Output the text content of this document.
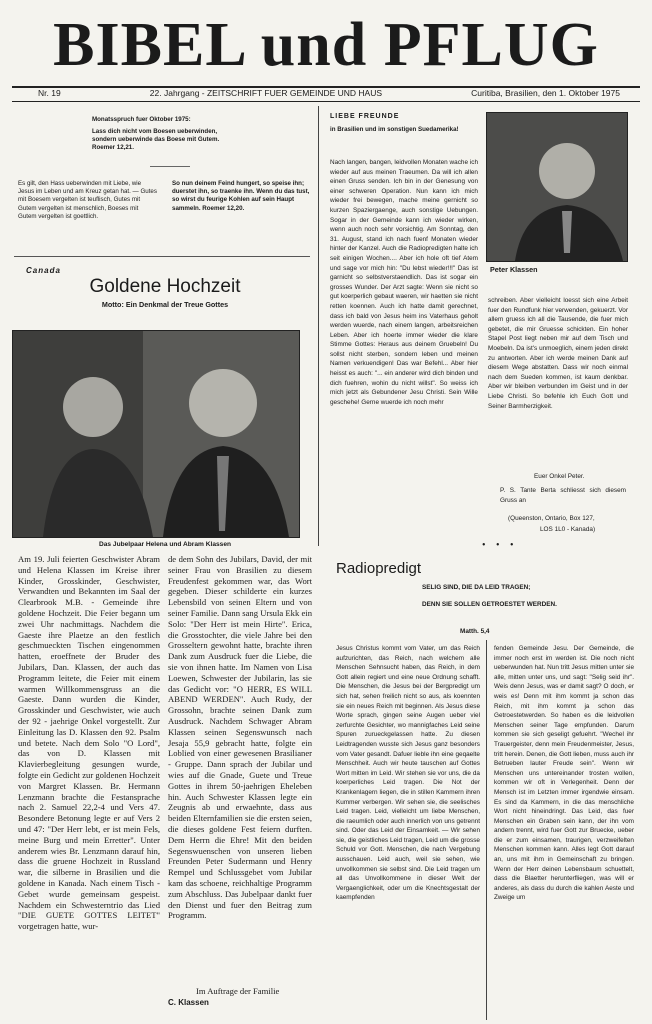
BIBEL und PFLUG
Nr. 19	22. Jahrgang - ZEITSCHRIFT FUER GEMEINDE UND HAUS	Curitiba, Brasilien, den 1. Oktober 1975
Monatsspruch fuer Oktober 1975:
Lass dich nicht vom Boesen ueberwinden, sondern ueberwinde das Boese mit Gutem. Roemer 12,21.
Es gilt, den Hass ueberwinden mit Liebe, wie Jesus im Leben und am Kreuz getan hat. — Gutes mit Boesem vergelten ist teuflisch, Gutes mit Gutem vergelten ist menschlich, Boeses mit Gutem vergelten ist goettlich.
So nun deinem Feind hungert, so speise ihn; duerstet ihn, so traenke ihn. Wenn du das tust, so wirst du feurige Kohlen auf sein Haupt sammeln. Roemer 12,20.
Canada
Goldene Hochzeit
Motto: Ein Denkmal der Treue Gottes
Das Jubelpaar Helena und Abram Klassen
Am 19. Juli feierten Geschwister Abram und Helena Klassen im Kreise ihrer Kinder, Grosskinder, Geschwister, Verwandten und Bekannten im Saal der Clearbrook M.B. - Gemeinde ihre goldene Hochzeit. Die Feier begann um zwei Uhr nachmittags. Nachdem die Gaeste ihre Plaetze an den festlich geschmueckten Tischen eingenommen hatten, eroeffnete der Bruder des Jubilars, Dan. Klassen, der auch das Programm leitete, die Feier mit einem warmen Willkommensgruss an die Gaeste. Dann wurden die Kinder, Grosskinder und Geschwister, wie auch der 92 - jaehrige Onkel vorgestellt. Zur Einleitung las D. Klassen den 92. Psalm und betete. Nach dem Solo "O Lord", das von D. Klassen mit Klavierbegleitung gesungen wurde, folgte ein Gedicht zur goldenen Hochzeit von Margret Klassen. Br. Hermann Lenzmann brachte die Festansprache nach 2. Samuel 22,2-4 und Vers 47. Besondere Betonung legte er auf Vers 2 und 47: "Der Herr lebt, er ist mein Fels, meine Burg und mein Erretter". Unter anderem wies Br. Lenzmann darauf hin, dass die gruene Hochzeit in Russland war, die silberne in Brasilien und die goldene in Kanada. Nach einem Tisch - Gebet wurde gemeinsam gespeist. Nachdem ein Schwesterntrio das Lied "DIE GUETE GOTTES LEITET" vorgetragen hatte, wur-
de dem Sohn des Jubilars, David, der mit seiner Frau von Brasilien zu diesem Freudenfest gekommen war, das Wort gegeben. Dieser schilderte ein kurzes Lebensbild von seinen Eltern und von seiner Familie. Dann sang Ursula Ekk ein Solo: "Der Herr ist mein Hirte". Erica, die Grosstochter, die viele Jahre bei den Grosseltern gewohnt hatte, brachte ihren Dank zum Ausdruck fuer die Liebe, die sie von ihnen hatte. Im Namen von Lisa Loewen, Schwester der Jubilarin, las sie das Gedicht vor: "O HERR, ES WILL ABEND WERDEN". Auch Rudy, der Grossohn, brachte seinen Dank zum Ausdruck. Nachdem Schwager Abram Klassen seinen Segenswunsch nach Jesaja 55,9 gebracht hatte, folgte ein Loblied von einer gewesenen Brasilianer - Gruppe. Dann sprach der Jubilar und wies auf die Gnade, Guete und Treue Gottes in ihrem 50-jaehrigen Eheleben hin. Auch Schwester Klassen legte ein Zeugnis ab und erwaehnte, dass aus beiden Elternfamilien sie die ersten seien, die dieses goldene Fest feiern durften. Dem Herrn die Ehre! Mit den beiden Segenswuenschen von unseren lieben Freunden Peter Sudermann und Henry Rempel und Schlussgebet vom Jubilar kam das schoene, reichhaltige Programm zum Abschluss. Das Jubelpaar dankt fuer den Dienst und fuer den Beitrag zum Programm.
Im Auftrage der Familie
C. Klassen
LIEBE FREUNDE
in Brasilien und im sonstigen Suedamerika!
Nach langen, bangen, leidvollen Monaten wache ich wieder auf aus meinen Traeumen. Da will ich allen einen Gruss senden. Ich bin in der Genesung von einer schweren Operation. Nun kann ich mich wieder frei bewegen, mache meine gernicht so kurzen Spaziergaenge, auch sonstige Uebungen. Sogar in der Gemeinde kann ich wieder wirken, wenn auch noch sehr vorsichtig. Am Sonntag, den 31. August, stand ich nach fuenf Monaten wieder hinter der Kanzel. Auch die Radiopredigten halte ich seit einigen Wochen.... Aber ich hole oft tief Atem und sage vor mich hin: "Du lebst wieder!!!" Das ist garnicht so selbstverstaendlich. Das ist sogar ein grosses Wunder. Der Arzt sagte: Wenn sie nicht so gut koerperlich gebaut waeren, wir haetten sie nicht retten koennen. Auch ich hatte damit gerechnet, dass ich bald von Jesus heim ins Vaterhaus geholt werden wuerde, nach einem langen, arbeitsreichen Leben. Aber ich hoerte immer wieder die klare Stimme Gottes: Heraus aus deinem Gruebeln! Du sollst nicht sterben, sondern leben und meinen Namen verkuendigen! Das war Befehl... Aber hier heisst es auch: "... ein anderer wird dich binden und dich fuehren, wohin du nicht willst". So weiss ich mich jetzt als Gebundener Jesu Christi. Sein Wille geschehe! Gerne wuerde ich noch mehr
Peter Klassen
schreiben. Aber vielleicht loesst sich eine Arbeit fuer den Rundfunk hier verwenden, gekuerzt. Vor allem gruess ich all die Tausende, die fuer mich gebetet, die mir Gruesse schickten. Ein hoher Stapel Post liegt neben mir auf dem Tisch und Moebeln. Da ist's unmoeglich, einem jeden direkt zu antworten. Aber ich werde meinen Dank auf diesem Wege abstatten. Dass wir noch einmal nach dem Sueden kommen, ist kaum denkbar. Aber wir bleiben verbunden im Geist und in der Liebe Christi. So befehle ich Euch Gott und Seiner Barmherzigkeit.
Euer Onkel Peter.
P. S. Tante Berta schliesst sich diesem Gruss an
(Queenston, Ontario, Box 127,
LOS 1L0 - Kanada)
• • •
Radiopredigt
SELIG SIND, DIE DA LEID TRAGEN;
DENN SIE SOLLEN GETROESTET WERDEN.
Matth. 5,4
Jesus Christus kommt vom Vater, um das Reich aufzurichten, das Reich, nach welchem alle Menschen Sehnsucht haben, das Reich, in dem Gott allein regiert und eine neue Ordnung schafft. Die Menschen, die Jesus bei der Bergpredigt um sich hat, sehen freilich nicht so aus, als koennten sie ein neues Reich mit beginnen. Als Jesus diese Worte sprach, gingen seine Augen ueber viel zerfurchte Gesichter, wo mannigfaches Leid seine Spuren zurueckgelassen hatte. Zu diesen Leidtragenden wusste sich Jesus ganz besonders vom Vater gesandt. Dafuer lieble ihn eine geqaelte Menschheit. Auch wir heute tauschen auf Gottes Wort mitten im Leid. Wir stehen sie vor uns, die da koerperliches Leid tragen. Die Not der Krankenlagern liegen, die in stillen Kammern ihren Kummer verbergen. Wir sehen sie, die seelisches Leid tragen. Leid, vielleicht um liebe Menschen, die raeumlich oder auch innerlich von uns getrennt sind. Oder das Leid der Einsamkeit. — Wir sehen sie, die geistliches Leid tragen, Leid um die grosse Schuld vor Gott. Menschen, die nach Vergebung ausschauen. Leid auch, weil sie sehen, wie unvollkommen sie selbst sind. Die Leid tragen um all das Unvollkommene in dieser Welt der Vergaenglichkeit, oder um die Knechtsgestalt der kaempfenden
fenden Gemeinde Jesu. Der Gemeinde, die immer noch erst im werden ist. Die noch nicht ueberwunden hat. Nun tritt Jesus mitten unter sie alle, mitten unter uns, und sagt: "Selig seid ihr". Weis denn Jesus, was er damit sagt? O doch, er weis es! Denn mit ihm kommt ja schon das Reich, mit ihm kommt ja schon das Getroestetwerden. So haben es die leidvollen Menschen seiner Tage empfunden. Darum kommen sie sich geseligt gefuehrt. "Wechel ihr Trauergeister, denn mein Freudenmeister, Jesus, tritt herein. Denen, die Gott lieben, muss auch ihr Betrueben lauter Freude sein". Wenn wir Menschen uns untereinander trosten wollen, kommen wir oft in Verlegenheit. Denn der Mensch ist im Letzten immer irgendwie einsam. Es sind da Kammern, in die das menschliche Wort nicht hineindringt. Das Leid, das fuer Menschen ein Graben sein kann, der ihn vom andern trennt, wird fuer Gott zur Bruecke, ueber die er zum einsamen, traurigen, verzweifelten Menschen kommen kann. Alles legt Gott darauf an, uns mit ihm in Gemeinschaft zu bringen. Wenn der Herr deinen Lebensbaum schuettelt, dass die Blaetter herunterfliegen, was will er anderes, als dass du durch die kahlen Aeste und Zweige um
